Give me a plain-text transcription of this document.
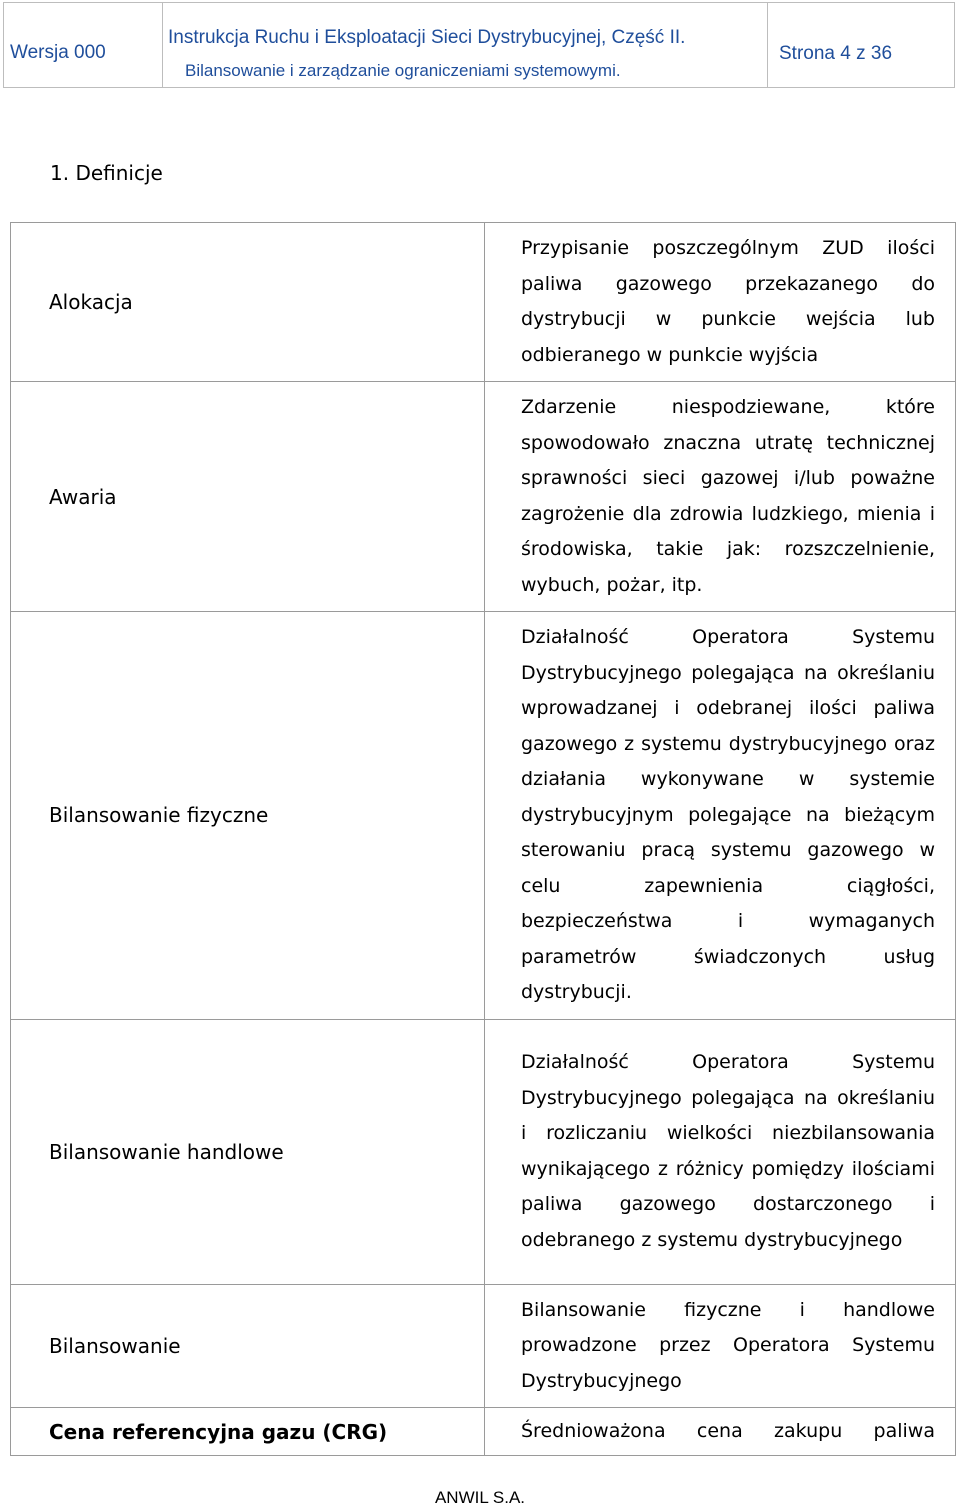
Wersja 000
Instrukcja Ruchu i Eksploatacji Sieci Dystrybucyjnej, Część II.
Bilansowanie i zarządzanie ograniczeniami systemowymi.
Strona 4 z 36
1. Definicje
Alokacja	Przypisanie poszczególnym ZUD ilości paliwa gazowego przekazanego do dystrybucji w punkcie wejścia lub odbieranego w punkcie wyjścia
Awaria	Zdarzenie niespodziewane, które spowodowało znaczna utratę technicznej sprawności sieci gazowej i/lub poważne zagrożenie dla zdrowia ludzkiego, mienia i środowiska, takie jak: rozszczelnienie, wybuch, pożar, itp.
Bilansowanie fizyczne	Działalność Operatora Systemu Dystrybucyjnego polegająca na określaniu wprowadzanej i odebranej ilości paliwa gazowego z systemu dystrybucyjnego oraz działania wykonywane w systemie dystrybucyjnym polegające na bieżącym sterowaniu pracą systemu gazowego w celu zapewnienia ciągłości, bezpieczeństwa i wymaganych parametrów świadczonych usług dystrybucji.
Bilansowanie handlowe	Działalność Operatora Systemu Dystrybucyjnego polegająca na określaniu i rozliczaniu wielkości niezbilansowania wynikającego z różnicy pomiędzy ilościami paliwa gazowego dostarczonego i odebranego z systemu dystrybucyjnego
Bilansowanie	Bilansowanie fizyczne i handlowe prowadzone przez Operatora Systemu Dystrybucyjnego
Cena referencyjna gazu (CRG)	Średnioważona cena zakupu paliwa
ANWIL S.A.
